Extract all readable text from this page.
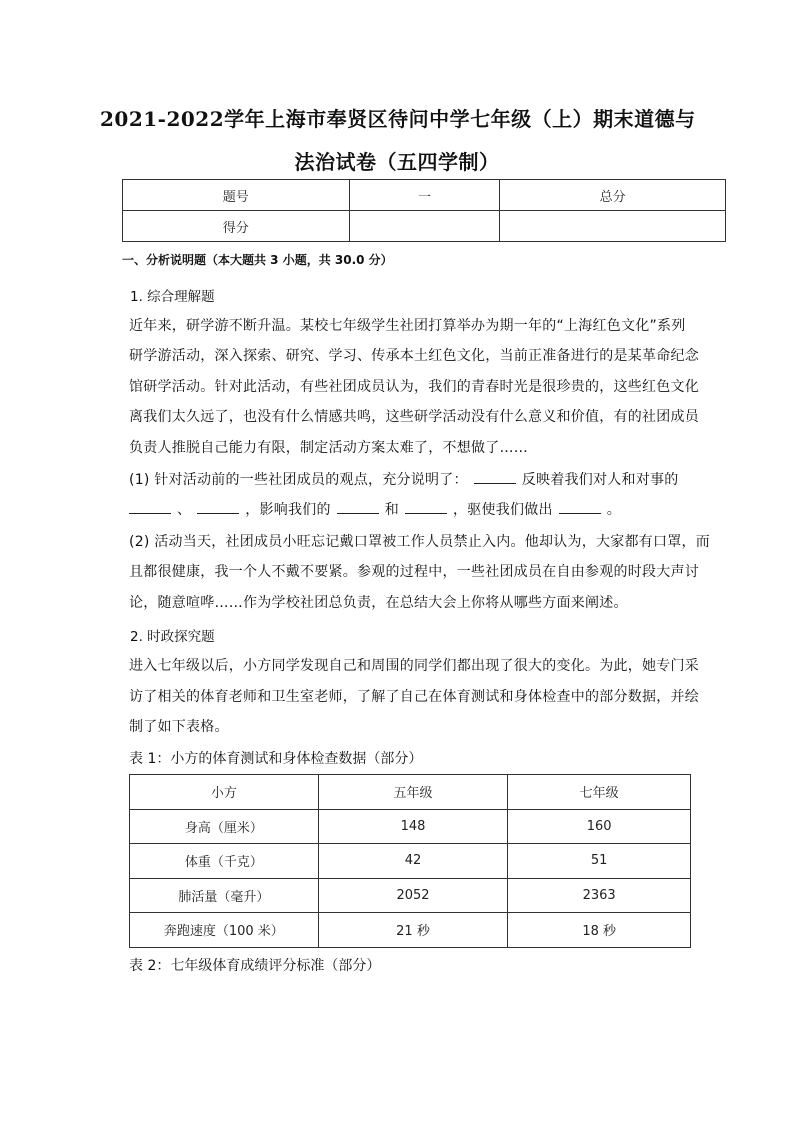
2021-2022学年上海市奉贤区待问中学七年级（上）期末道德与
法治试卷（五四学制）
题号	一	总分
得分		
一、分析说明题（本大题共 3 小题，共 30.0 分）
1. 综合理解题
近年来，研学游不断升温。某校七年级学生社团打算举办为期一年的“上海红色文化”系列
研学游活动，深入探索、研究、学习、传承本土红色文化，当前正准备进行的是某革命纪念
馆研学活动。针对此活动，有些社团成员认为，我们的青春时光是很珍贵的，这些红色文化
离我们太久远了，也没有什么情感共鸣，这些研学活动没有什么意义和价值，有的社团成员
负责人推脱自己能力有限，制定活动方案太难了，不想做了……
(1) 针对活动前的一些社团成员的观点，充分说明了：	反映着我们对人和对事的
、	，影响我们的	和	，驱使我们做出	。
(2) 活动当天，社团成员小旺忘记戴口罩被工作人员禁止入内。他却认为，大家都有口罩，而
且都很健康，我一个人不戴不要紧。参观的过程中，一些社团成员在自由参观的时段大声讨
论，随意喧哗……作为学校社团总负责，在总结大会上你将从哪些方面来阐述。
2. 时政探究题
进入七年级以后，小方同学发现自己和周围的同学们都出现了很大的变化。为此，她专门采
访了相关的体育老师和卫生室老师，了解了自己在体育测试和身体检查中的部分数据，并绘
制了如下表格。
表 1：小方的体育测试和身体检查数据（部分）
小方	五年级	七年级
身高（厘米）	148	160
体重（千克）	42	51
肺活量（毫升）	2052	2363
奔跑速度（100 米）	21 秒	18 秒
表 2：七年级体育成绩评分标准（部分）
